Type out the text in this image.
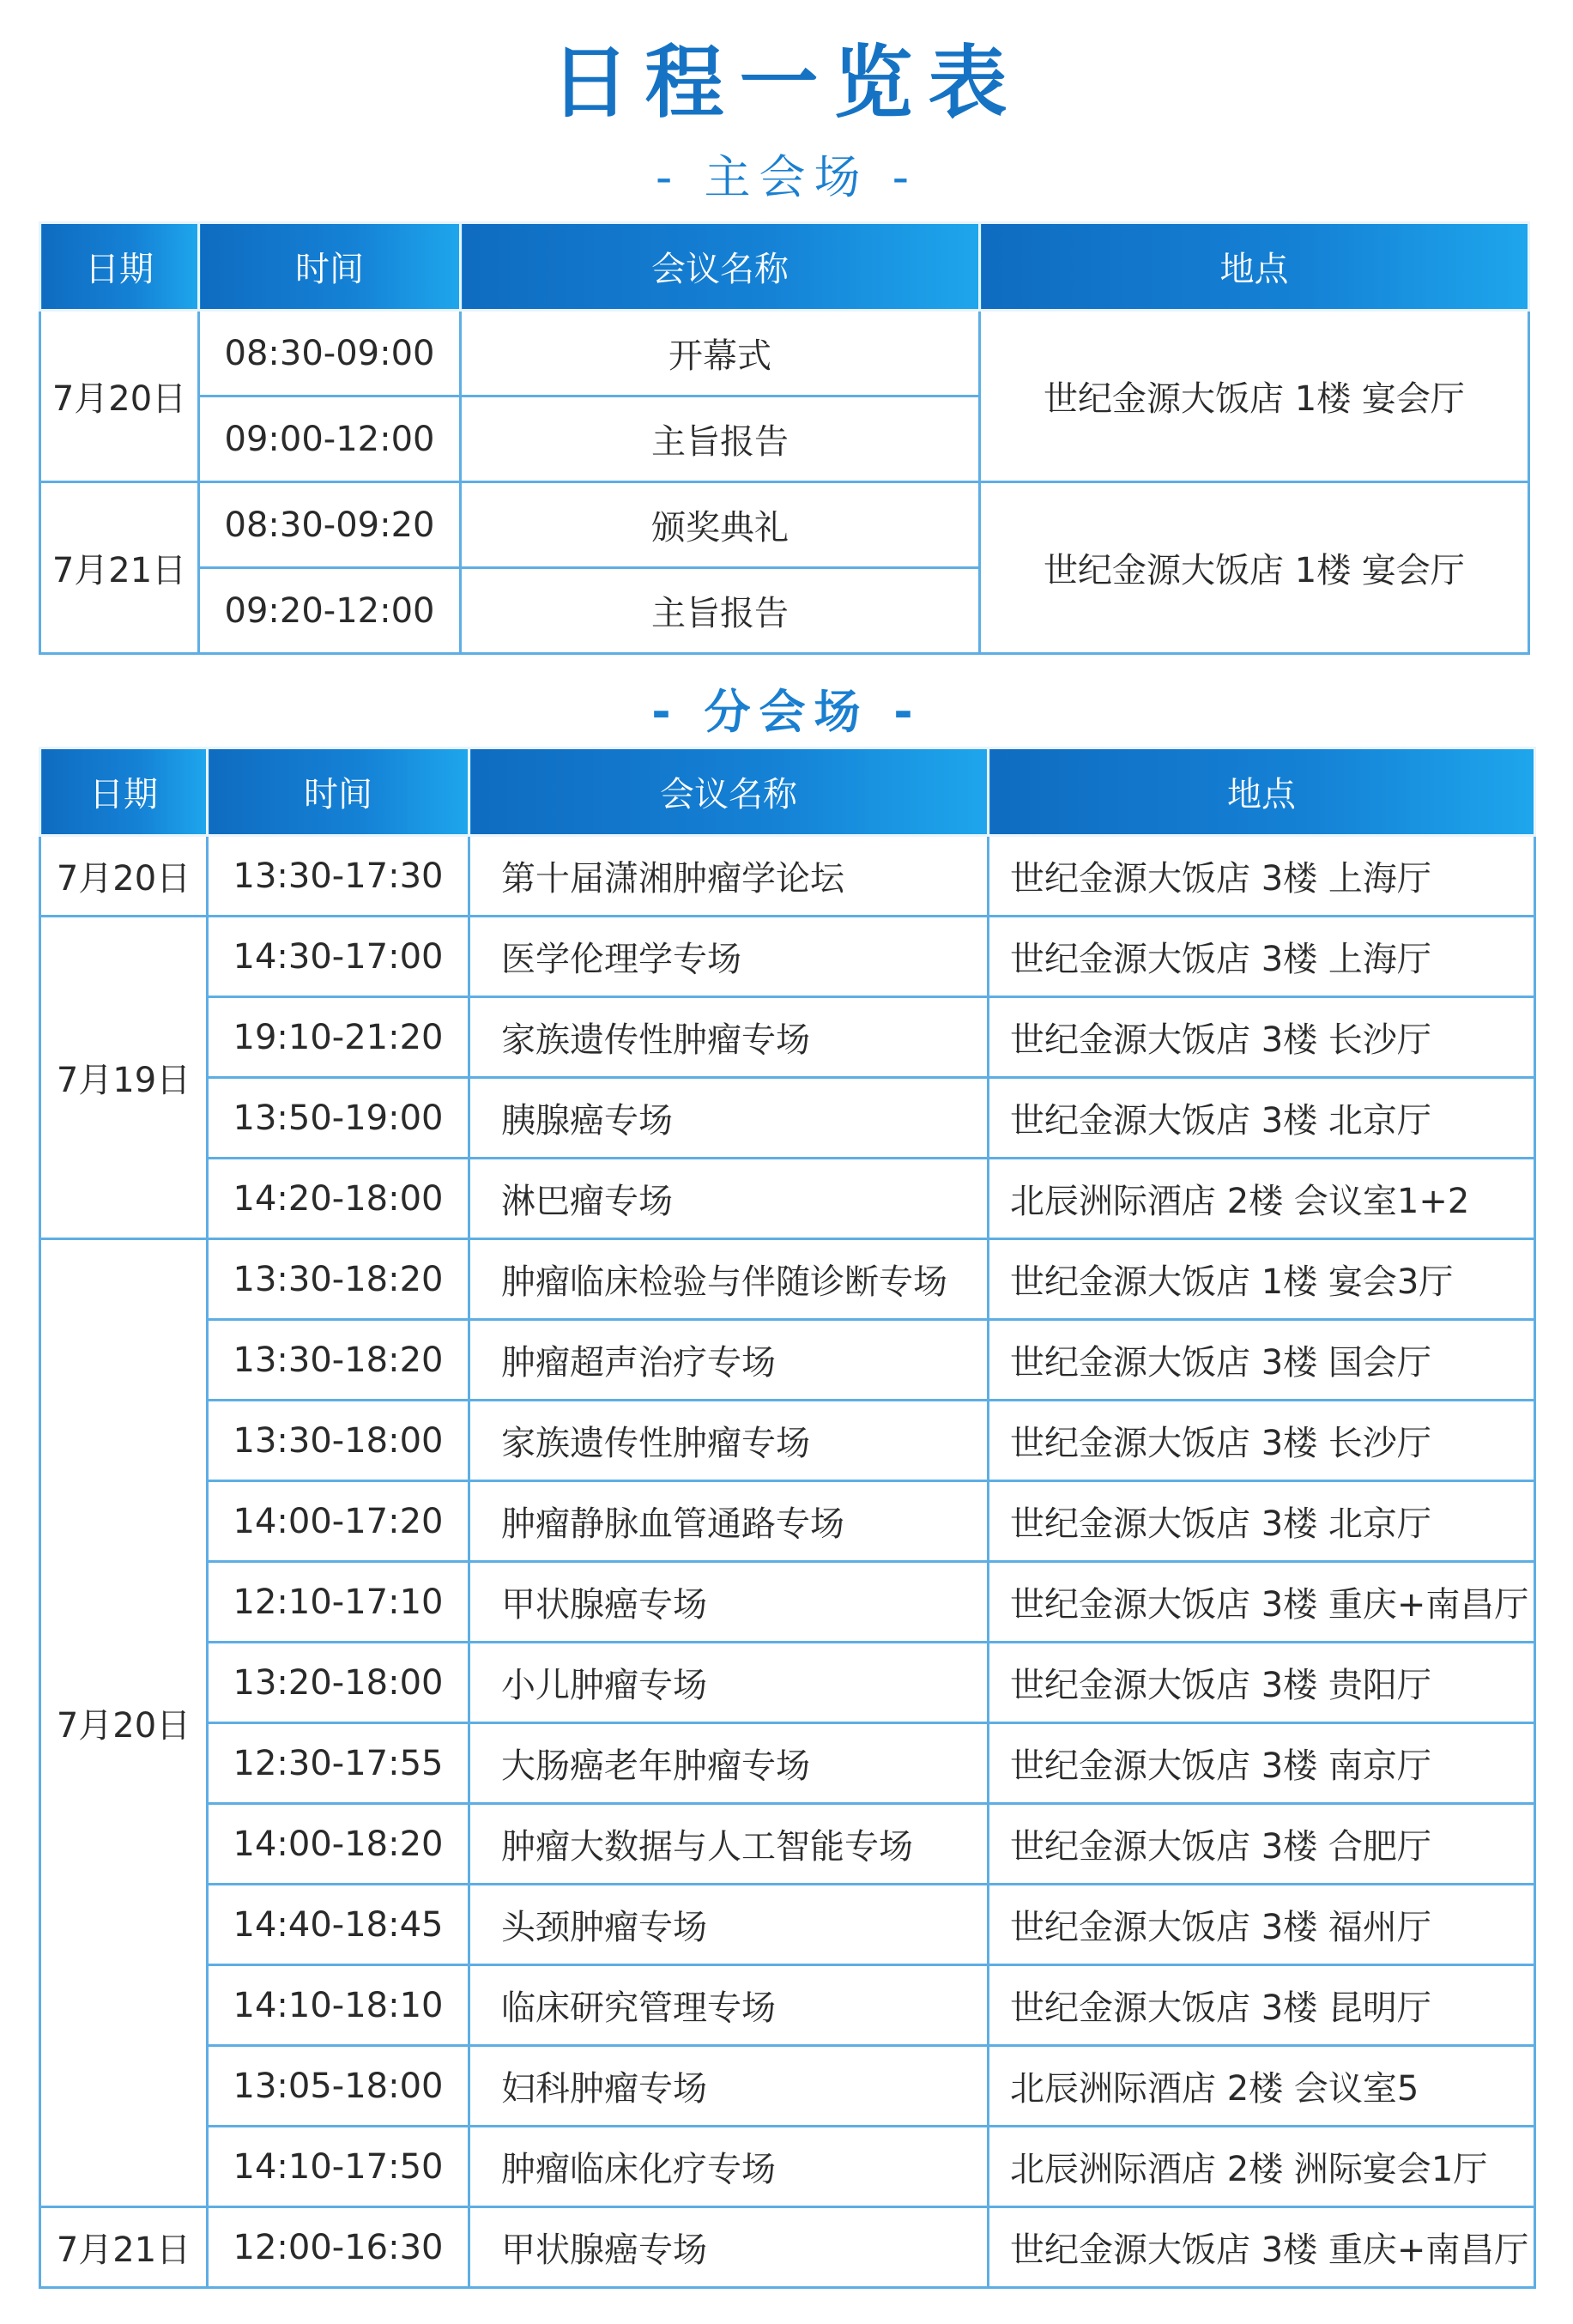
日程一览表
- 主会场 -
日期	时间	会议名称	地点
7月20日	08:30-09:00	开幕式	世纪金源大饭店 1楼 宴会厅
	09:00-12:00	主旨报告	
7月21日	08:30-09:20	颁奖典礼	世纪金源大饭店 1楼 宴会厅
	09:20-12:00	主旨报告	
- 分会场 -
日期	时间	会议名称	地点
7月20日	13:30-17:30	第十届潇湘肿瘤学论坛	世纪金源大饭店 3楼 上海厅
7月19日	14:30-17:00	医学伦理学专场	世纪金源大饭店 3楼 上海厅
	19:10-21:20	家族遗传性肿瘤专场	世纪金源大饭店 3楼 长沙厅
	13:50-19:00	胰腺癌专场	世纪金源大饭店 3楼 北京厅
	14:20-18:00	淋巴瘤专场	北辰洲际酒店 2楼 会议室1+2
7月20日	13:30-18:20	肿瘤临床检验与伴随诊断专场	世纪金源大饭店 1楼 宴会3厅
	13:30-18:20	肿瘤超声治疗专场	世纪金源大饭店 3楼 国会厅
	13:30-18:00	家族遗传性肿瘤专场	世纪金源大饭店 3楼 长沙厅
	14:00-17:20	肿瘤静脉血管通路专场	世纪金源大饭店 3楼 北京厅
	12:10-17:10	甲状腺癌专场	世纪金源大饭店 3楼 重庆+南昌厅
	13:20-18:00	小儿肿瘤专场	世纪金源大饭店 3楼 贵阳厅
	12:30-17:55	大肠癌老年肿瘤专场	世纪金源大饭店 3楼 南京厅
	14:00-18:20	肿瘤大数据与人工智能专场	世纪金源大饭店 3楼 合肥厅
	14:40-18:45	头颈肿瘤专场	世纪金源大饭店 3楼 福州厅
	14:10-18:10	临床研究管理专场	世纪金源大饭店 3楼 昆明厅
	13:05-18:00	妇科肿瘤专场	北辰洲际酒店 2楼 会议室5
	14:10-17:50	肿瘤临床化疗专场	北辰洲际酒店 2楼 洲际宴会1厅
7月21日	12:00-16:30	甲状腺癌专场	世纪金源大饭店 3楼 重庆+南昌厅
